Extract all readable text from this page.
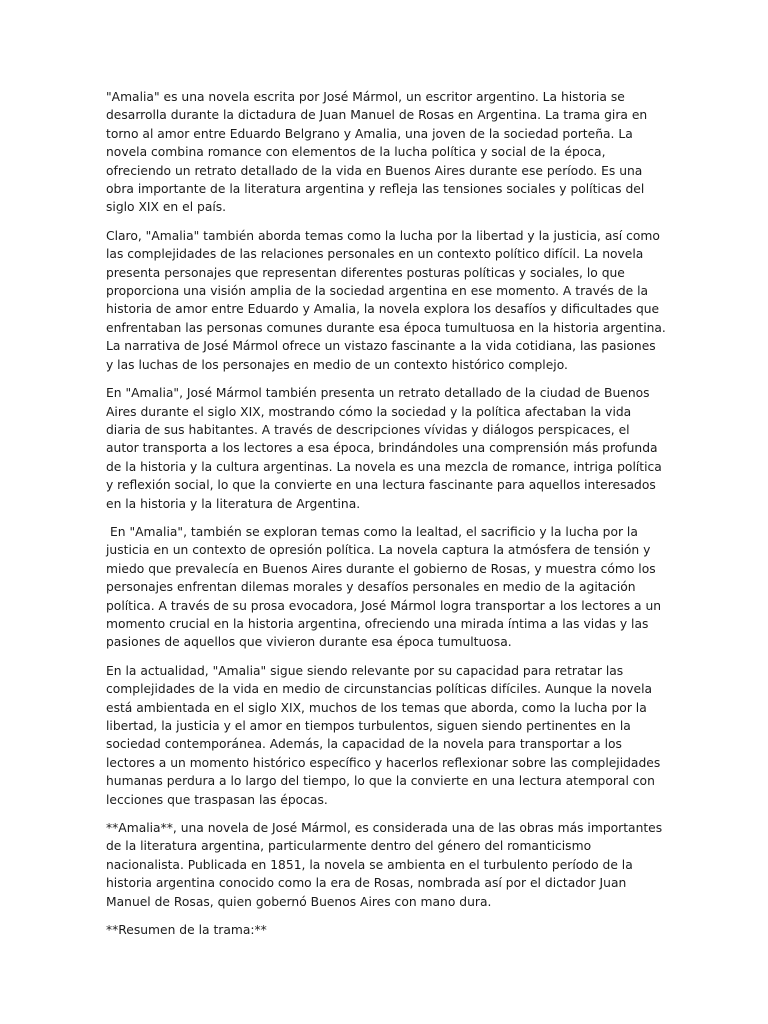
"Amalia" es una novela escrita por José Mármol, un escritor argentino. La historia se desarrolla durante la dictadura de Juan Manuel de Rosas en Argentina. La trama gira en torno al amor entre Eduardo Belgrano y Amalia, una joven de la sociedad porteña. La novela combina romance con elementos de la lucha política y social de la época, ofreciendo un retrato detallado de la vida en Buenos Aires durante ese período. Es una obra importante de la literatura argentina y refleja las tensiones sociales y políticas del siglo XIX en el país.

Claro, "Amalia" también aborda temas como la lucha por la libertad y la justicia, así como las complejidades de las relaciones personales en un contexto político difícil. La novela presenta personajes que representan diferentes posturas políticas y sociales, lo que proporciona una visión amplia de la sociedad argentina en ese momento. A través de la historia de amor entre Eduardo y Amalia, la novela explora los desafíos y dificultades que enfrentaban las personas comunes durante esa época tumultuosa en la historia argentina. La narrativa de José Mármol ofrece un vistazo fascinante a la vida cotidiana, las pasiones y las luchas de los personajes en medio de un contexto histórico complejo.

En "Amalia", José Mármol también presenta un retrato detallado de la ciudad de Buenos Aires durante el siglo XIX, mostrando cómo la sociedad y la política afectaban la vida diaria de sus habitantes. A través de descripciones vívidas y diálogos perspicaces, el autor transporta a los lectores a esa época, brindándoles una comprensión más profunda de la historia y la cultura argentinas. La novela es una mezcla de romance, intriga política y reflexión social, lo que la convierte en una lectura fascinante para aquellos interesados en la historia y la literatura de Argentina.

En "Amalia", también se exploran temas como la lealtad, el sacrificio y la lucha por la justicia en un contexto de opresión política. La novela captura la atmósfera de tensión y miedo que prevalecía en Buenos Aires durante el gobierno de Rosas, y muestra cómo los personajes enfrentan dilemas morales y desafíos personales en medio de la agitación política. A través de su prosa evocadora, José Mármol logra transportar a los lectores a un momento crucial en la historia argentina, ofreciendo una mirada íntima a las vidas y las pasiones de aquellos que vivieron durante esa época tumultuosa.

En la actualidad, "Amalia" sigue siendo relevante por su capacidad para retratar las complejidades de la vida en medio de circunstancias políticas difíciles. Aunque la novela está ambientada en el siglo XIX, muchos de los temas que aborda, como la lucha por la libertad, la justicia y el amor en tiempos turbulentos, siguen siendo pertinentes en la sociedad contemporánea. Además, la capacidad de la novela para transportar a los lectores a un momento histórico específico y hacerlos reflexionar sobre las complejidades humanas perdura a lo largo del tiempo, lo que la convierte en una lectura atemporal con lecciones que traspasan las épocas.

**Amalia**, una novela de José Mármol, es considerada una de las obras más importantes de la literatura argentina, particularmente dentro del género del romanticismo nacionalista. Publicada en 1851, la novela se ambienta en el turbulento período de la historia argentina conocido como la era de Rosas, nombrada así por el dictador Juan Manuel de Rosas, quien gobernó Buenos Aires con mano dura.

**Resumen de la trama:**
